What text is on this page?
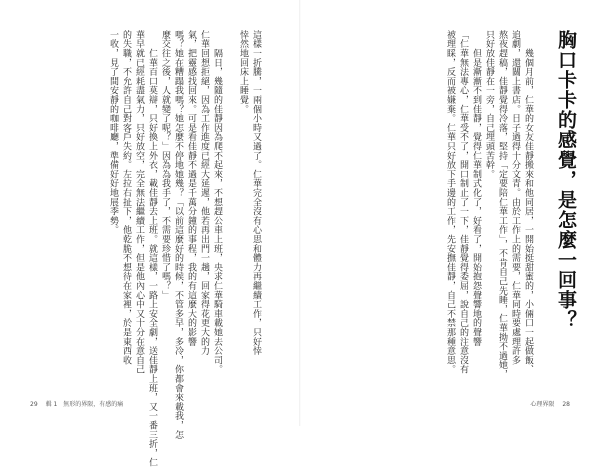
這樣一折騰，一兩個小時又過了。仁華完全沒有心思和體力再繼續工作，只好悻
悻然地回床上睡覺。

　　隔日，幾隨的佳靜因為爬不起來，不想趕公車上班，央求仁華騎車載她去公司。
仁華回想拒絕，因為工作進度已經大延遲，他若再出門一趟，回家得花更大的力
氣，把靈感找回來。可是看佳靜不過是千萬分鐘的事程，我的有這麼大的影響
嗎？她在糟蹋我嗎？她怎麼不停地她幾？「以前這麼好的時候，不管多早，多冷，你都會來載我，怎
麼交往之後，人就變了呢？」因為為我手了，不需要珍惜了嗎？」
　　仁華百口莫辯，只好換上外衣，載佳靜去上班。就這樣，一路上安全劇，送佳靜上班，又一番三折，仁
華早就已經耗盡氣力，只好放空，完全無法繼續工作，但是他內心中又十分在意自己
的失職，不允許自己對客戶失約。左拉右扯下，他乾脆不想待在家裡，於是東西收
一收，見了間安靜的咖啡廳，準備好好地展季勢。
29 輯 1　無形的界限，有感的痛
胸口卡卡的感覺，是怎麼一回事？
　　幾個月前，仁華的女友佳靜搬來和他同居，一開始挺甜蜜的，小倆口一起做飯、
追劇，還關上書店。日子過得十分文青。由於工作上的需要，仁華同時要處理許多
熬夜趕稿，佳靜覺得冷落，堅持「定要陪仁華工作」，不肯自己先睡，仁華拗不過她，
只好放佳靜在一旁，自己埋頭苦幹。
　　但是漸漸不到佳靜，覺得仁華制式化了，好看了，開始抱怨聲響地的聲響
「仁華無法專心，仁華受不了，開口制止了一下，佳靜覺得委屈，說自己的注意沒有
被理睬，反而被嫌棄。仁華只好放下手邊的工作，先安撫佳靜，自己不禁那種意思。
心理界限 28
